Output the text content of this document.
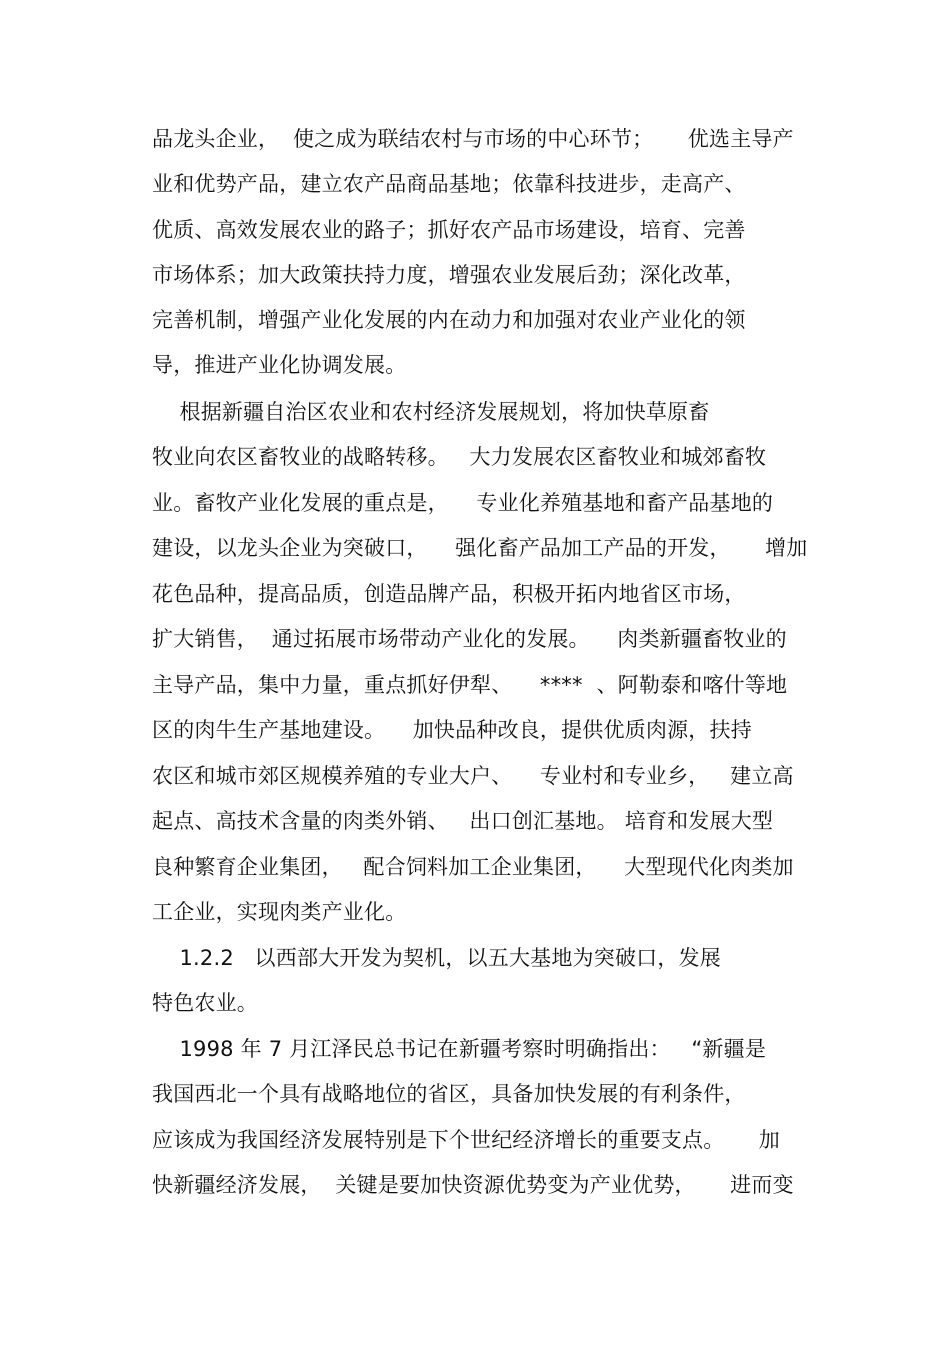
品龙头企业，  使之成为联结农村与市场的中心环节；     优选主导产
业和优势产品，建立农产品商品基地；依靠科技进步，走高产、
优质、高效发展农业的路子；抓好农产品市场建设，培育、完善
市场体系；加大政策扶持力度，增强农业发展后劲；深化改革，
完善机制，增强产业化发展的内在动力和加强对农业产业化的领
导，推进产业化协调发展。
根据新疆自治区农业和农村经济发展规划，将加快草原畜
牧业向农区畜牧业的战略转移。   大力发展农区畜牧业和城郊畜牧
业。畜牧产业化发展的重点是，    专业化养殖基地和畜产品基地的
建设，以龙头企业为突破口，    强化畜产品加工产品的开发，     增加
花色品种，提高品质，创造品牌产品，积极开拓内地省区市场，
扩大销售，  通过拓展市场带动产业化的发展。    肉类新疆畜牧业的
主导产品，集中力量，重点抓好伊犁、    ****  、阿勒泰和喀什等地
区的肉牛生产基地建设。    加快品种改良，提供优质肉源，扶持
农区和城市郊区规模养殖的专业大户、    专业村和专业乡，   建立高
起点、高技术含量的肉类外销、   出口创汇基地。 培育和发展大型
良种繁育企业集团，   配合饲料加工企业集团，    大型现代化肉类加
工企业，实现肉类产业化。
1.2.2   以西部大开发为契机，以五大基地为突破口，发展
特色农业。
1998 年 7 月江泽民总书记在新疆考察时明确指出：   “新疆是
我国西北一个具有战略地位的省区，具备加快发展的有利条件，
应该成为我国经济发展特别是下个世纪经济增长的重要支点。     加
快新疆经济发展，  关键是要加快资源优势变为产业优势，     进而变
